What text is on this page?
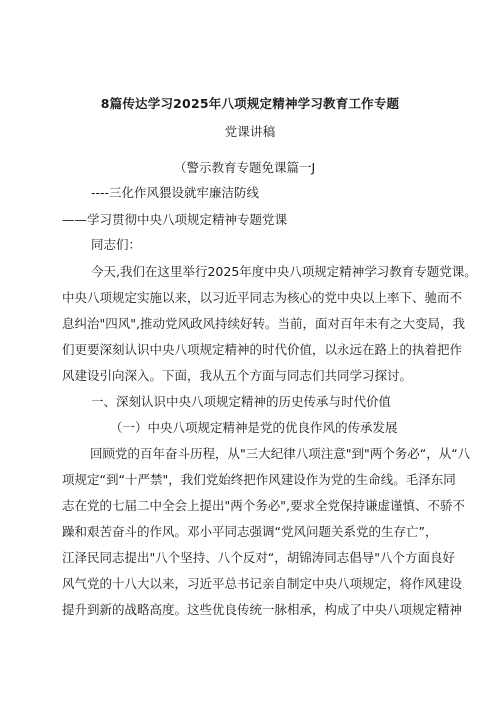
8篇传达学习2025年八项规定精神学习教育工作专题
党课讲稿
（警示教育专题免课篇一J
----三化作风猥设就牢廉洁防线
——学习贯彻中央八项规定精神专题党课
同志们：
今天,我们在这里举行2025年度中央八项规定精神学习教育专题党课。
中央八项规定实施以来，以习近平同志为核心的党中央以上率下、驰而不
息纠治"四风",推动党风政风持续好转。当前，面对百年未有之大变局，我
们更要深刻认识中央八项规定精神的时代价值，以永远在路上的执着把作
风建设引向深入。下面，我从五个方面与同志们共同学习探讨。
一、深刻认识中央八项规定精神的历史传承与时代价值
（一）中央八项规定精神是党的优良作风的传承发展
回顾党的百年奋斗历程，从"三大纪律八项注意"到"两个务必“，从“八
项规定“到“十严禁"，我们党始终把作风建设作为党的生命线。毛泽东同
志在党的七届二中全会上提出"两个务必",要求全党保持谦虚谨慎、不骄不
躁和艰苦奋斗的作风。邓小平同志强调“党风问题关系党的生存亡”，
江泽民同志提出"八个坚持、八个反对“，胡锦涛同志倡导"八个方面良好
风气党的十八大以来，习近平总书记亲自制定中央八项规定，将作风建设
提升到新的战略高度。这些优良传统一脉相承，构成了中央八项规定精神
